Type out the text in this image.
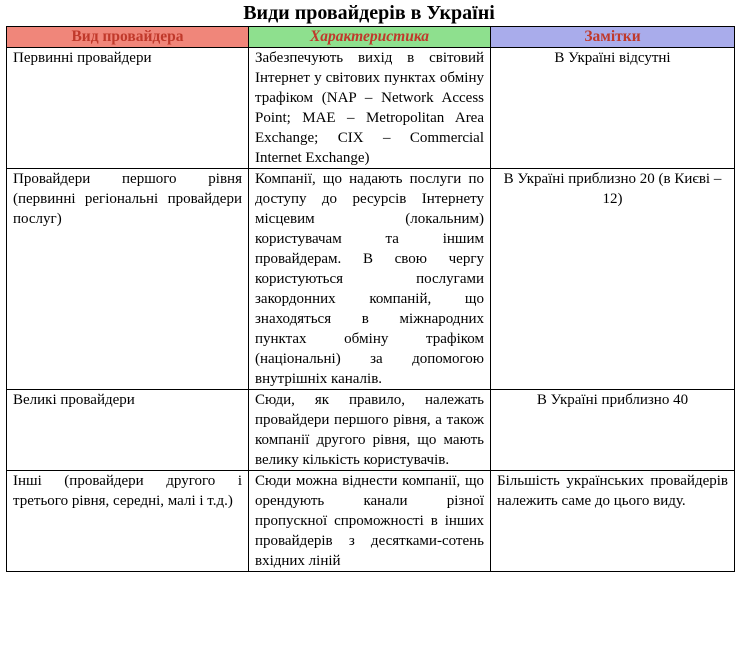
Види провайдерів в Україні
Вид провайдера	Характеристика	Замітки
Первинні провайдери	Забезпечують вихід в світовий Інтернет у світових пунктах обміну трафіком (NAP – Network Access Point; MAE – Metropolitan Area Exchange; CIX – Commercial Internet Exchange)	В Україні відсутні
Провайдери першого рівня (первинні регіональні провайдери послуг)	Компанії, що надають послуги по доступу до ресурсів Інтернету місцевим (локальним) користувачам та іншим провайдерам. В свою чергу користуються послугами закордонних компаній, що знаходяться в міжнародних пунктах обміну трафіком (національні) за допомогою внутрішніх каналів.	В Україні приблизно 20 (в Києві – 12)
Великі провайдери	Сюди, як правило, належать провайдери першого рівня, а також компанії другого рівня, що мають велику кількість користувачів.	В Україні приблизно 40
Інші (провайдери другого і третього рівня, середні, малі і т.д.)	Сюди можна віднести компанії, що орендують канали різної пропускної спроможності в інших провайдерів з десятками-сотень вхідних ліній	Більшість українських провайдерів належить саме до цього виду.
